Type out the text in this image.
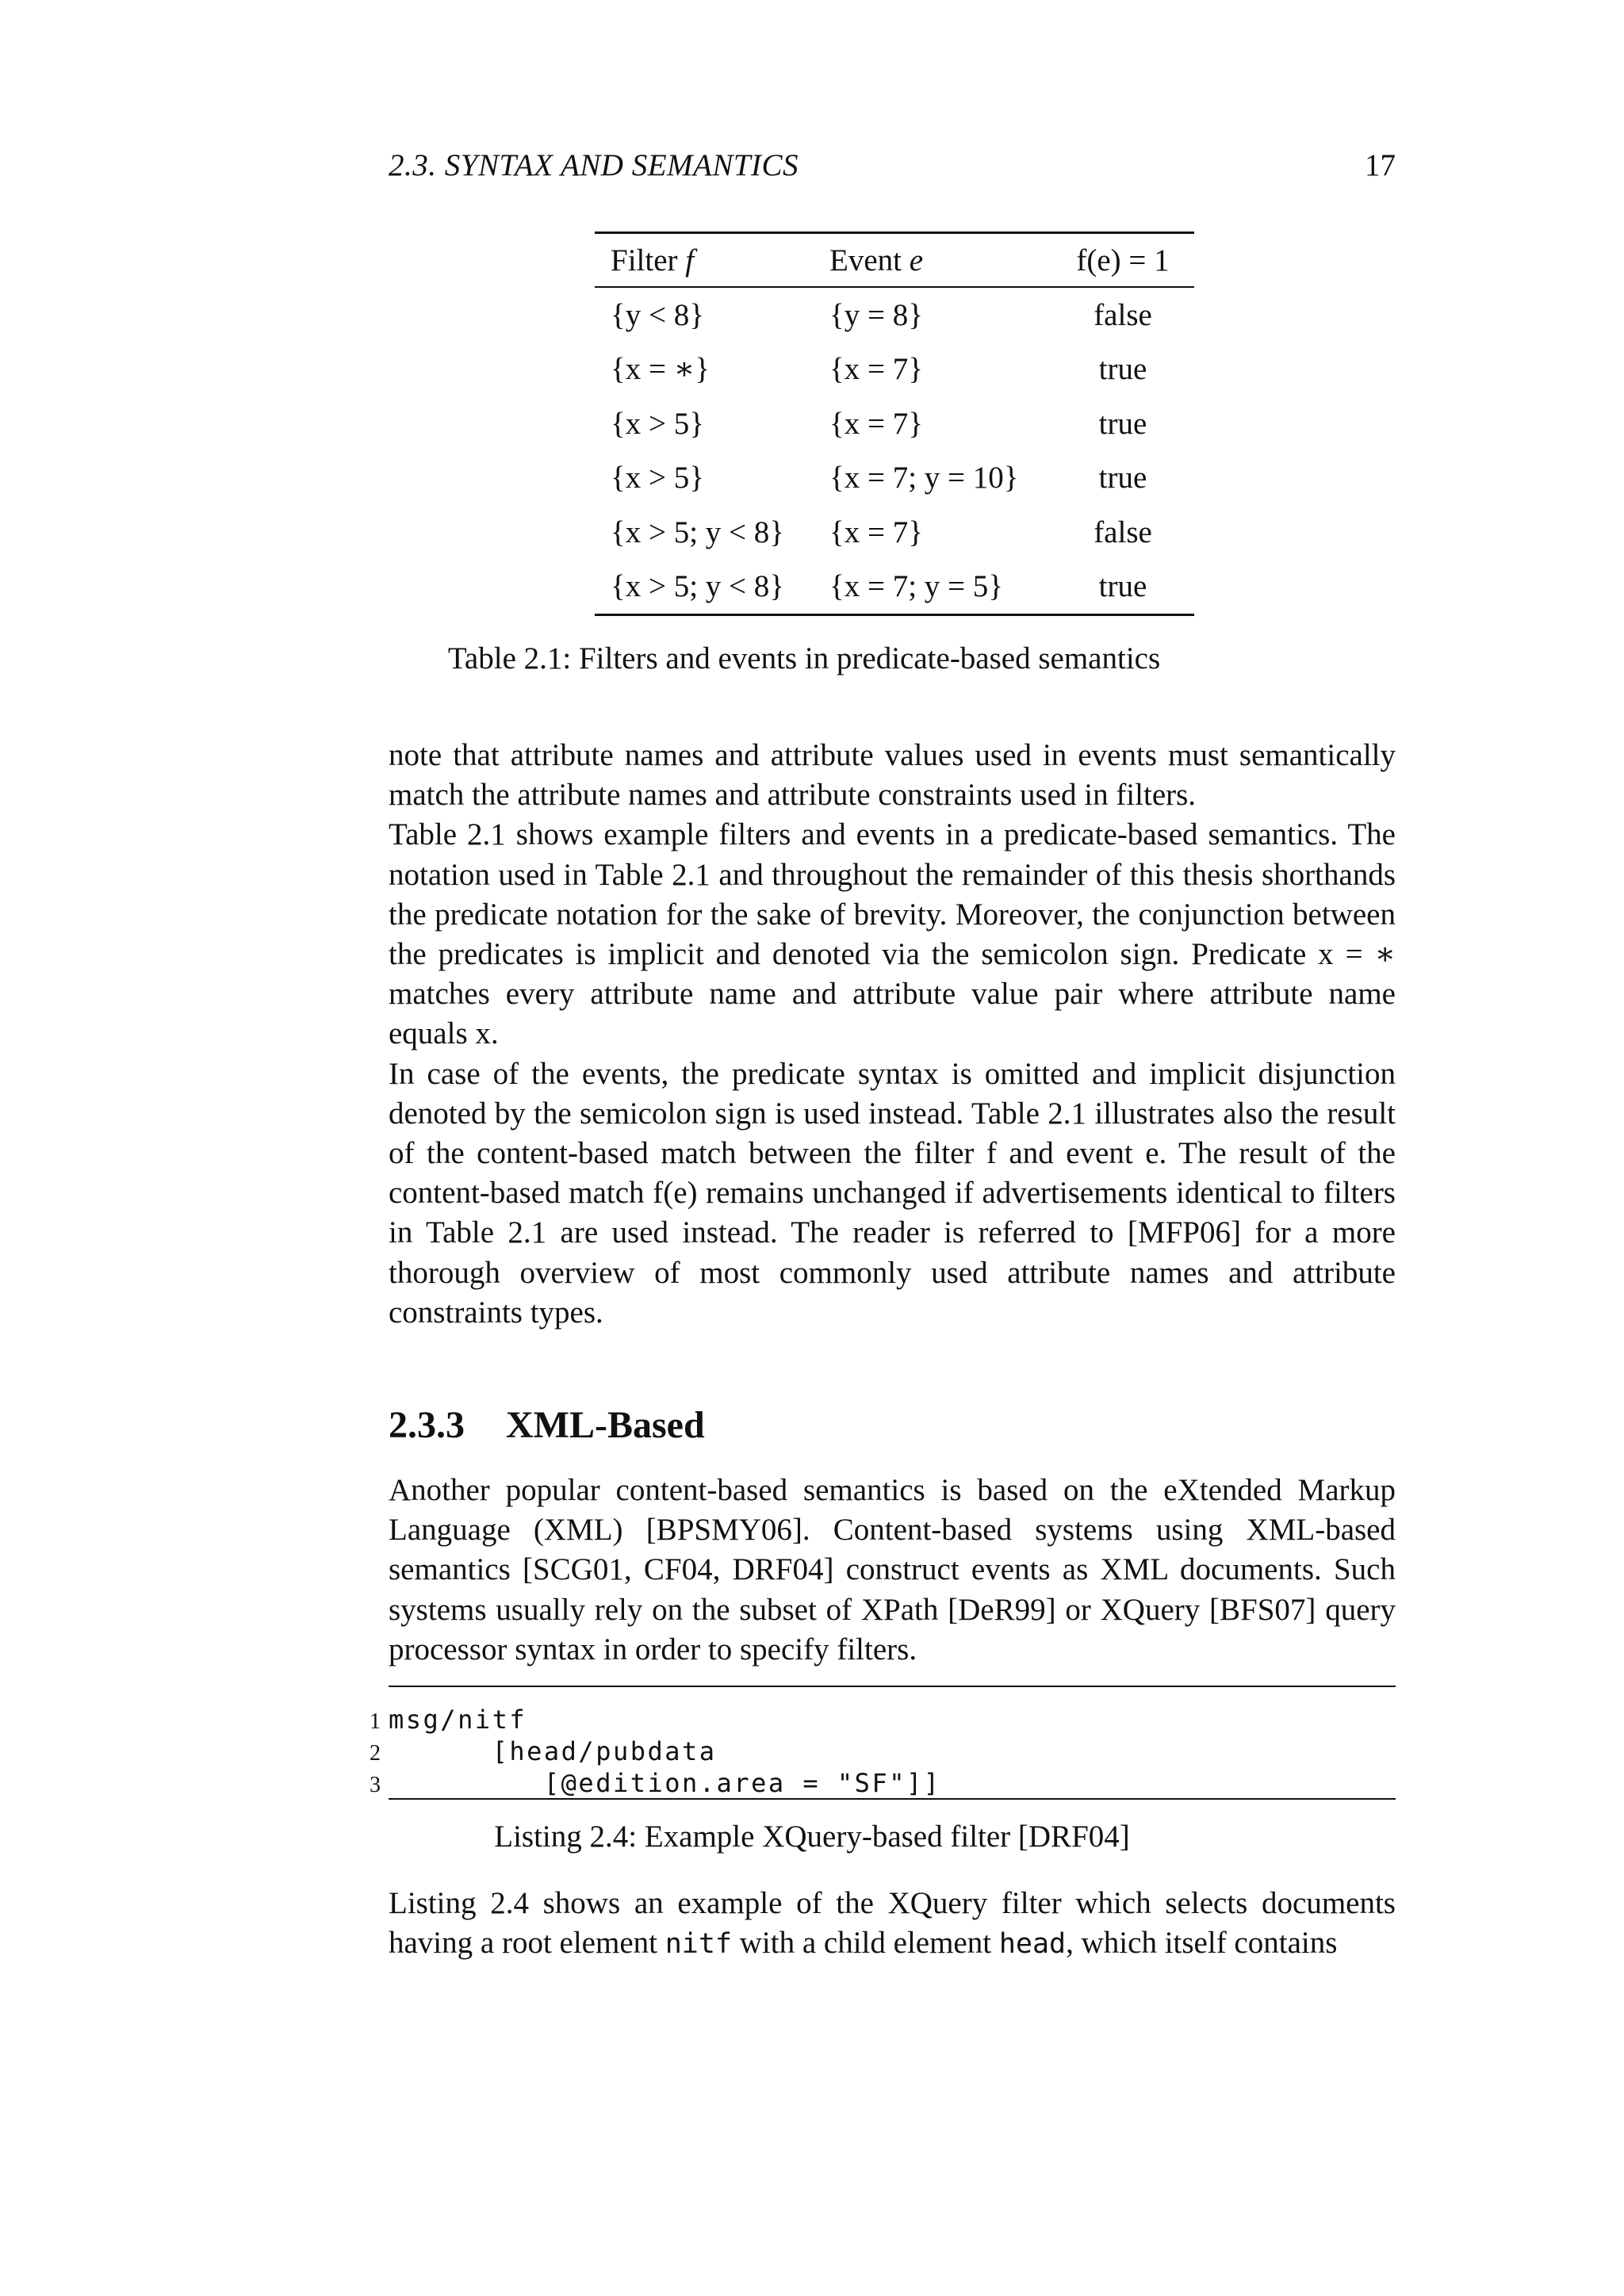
2.3. SYNTAX AND SEMANTICS	17
Filter f	Event e	f(e) = 1
{y < 8}	{y = 8}	false
{x = ∗}	{x = 7}	true
{x > 5}	{x = 7}	true
{x > 5}	{x = 7; y = 10}	true
{x > 5; y < 8}	{x = 7}	false
{x > 5; y < 8}	{x = 7; y = 5}	true
Table 2.1: Filters and events in predicate-based semantics

note that attribute names and attribute values used in events must semantically match the attribute names and attribute constraints used in filters.

Table 2.1 shows example filters and events in a predicate-based semantics. The notation used in Table 2.1 and throughout the remainder of this thesis shorthands the predicate notation for the sake of brevity. Moreover, the conjunction between the predicates is implicit and denoted via the semicolon sign. Predicate x = ∗ matches every attribute name and attribute value pair where attribute name equals x.

In case of the events, the predicate syntax is omitted and implicit disjunction denoted by the semicolon sign is used instead. Table 2.1 illustrates also the result of the content-based match between the filter f and event e. The result of the content-based match f(e) remains unchanged if advertisements identical to filters in Table 2.1 are used instead. The reader is referred to [MFP06] for a more thorough overview of most commonly used attribute names and attribute constraints types.

2.3.3 XML-Based

Another popular content-based semantics is based on the eXtended Markup Language (XML) [BPSMY06]. Content-based systems using XML-based semantics [SCG01, CF04, DRF04] construct events as XML documents. Such systems usually rely on the subset of XPath [DeR99] or XQuery [BFS07] query processor syntax in order to specify filters.

1 msg/nitf
2      [head/pubdata
3         [@edition.area = "SF"]]
Listing 2.4: Example XQuery-based filter [DRF04]

Listing 2.4 shows an example of the XQuery filter which selects documents having a root element nitf with a child element head, which itself contains
